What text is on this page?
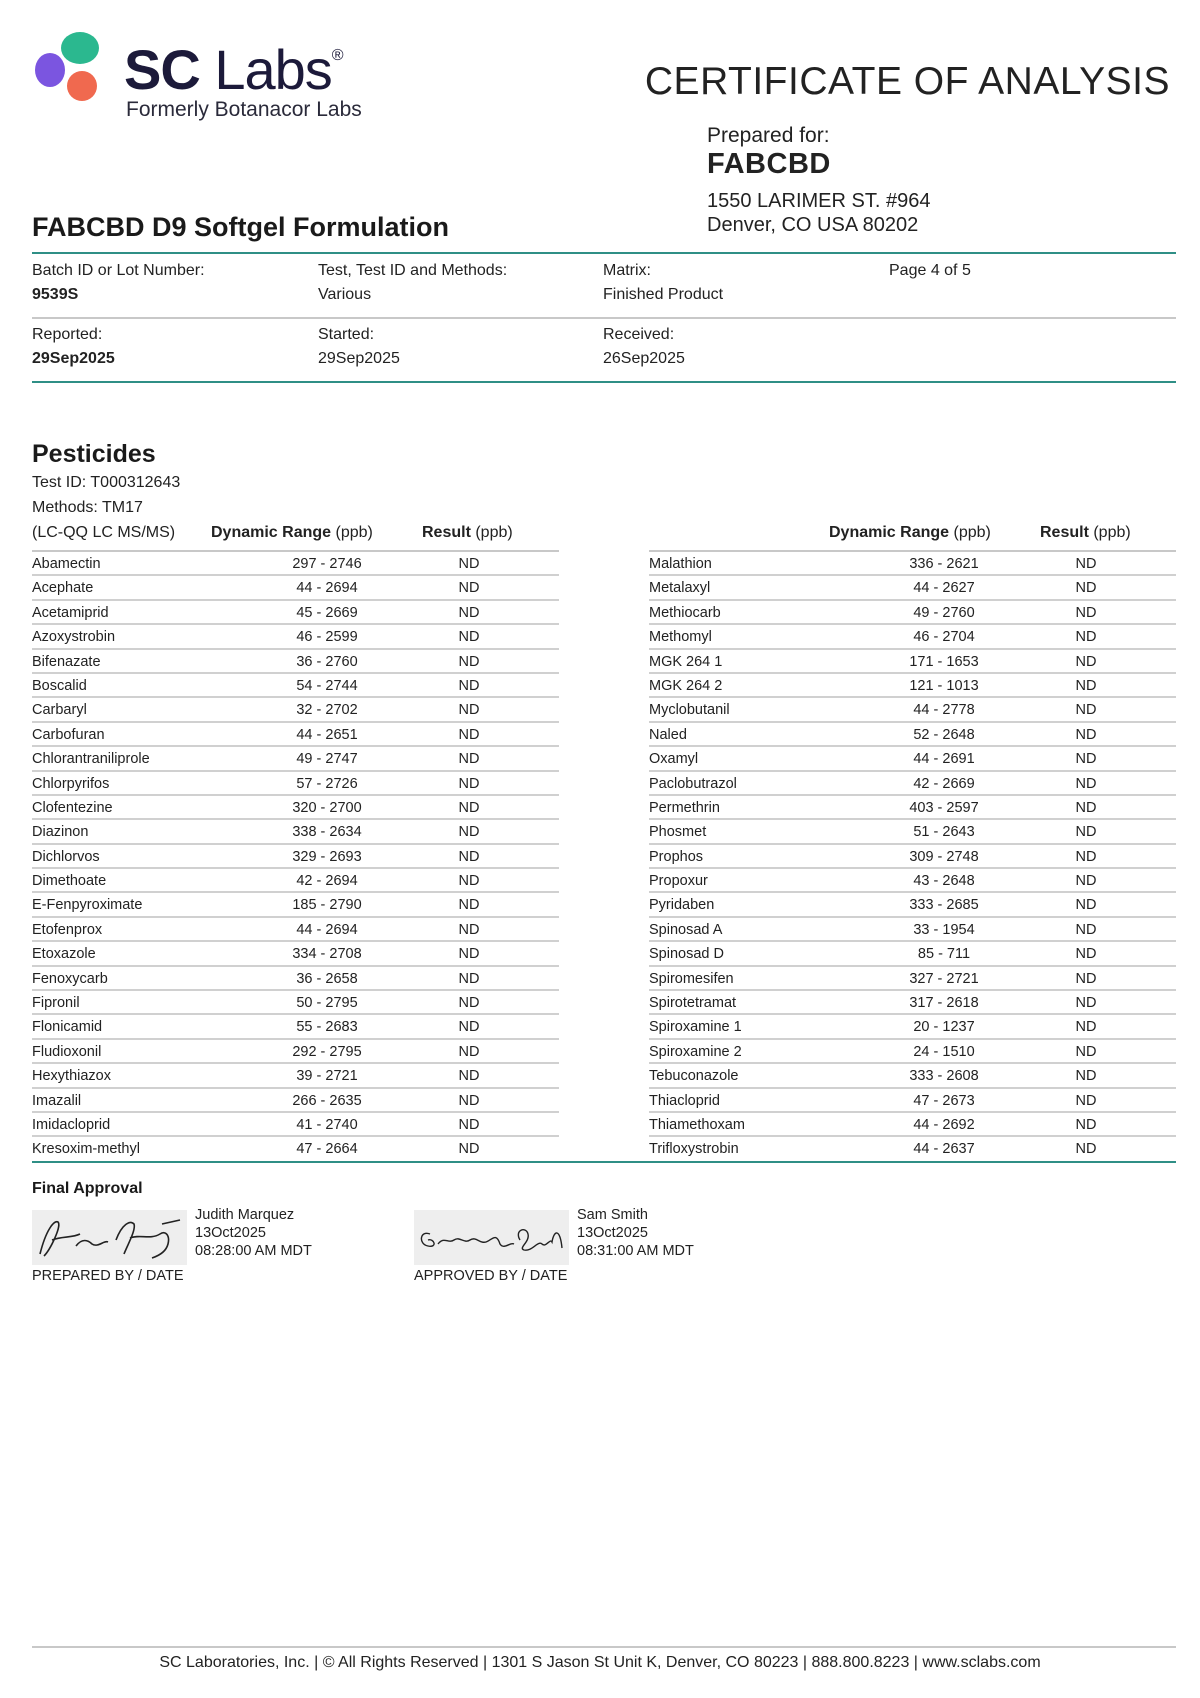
SC Labs®
Formerly Botanacor Labs
CERTIFICATE OF ANALYSIS
Prepared for:
FABCBD
1550 LARIMER ST. #964
Denver, CO USA 80202
FABCBD D9 Softgel Formulation
Batch ID or Lot Number:
9539S
Test, Test ID and Methods:
Various
Matrix:
Finished Product
Page 4 of 5
Reported:
29Sep2025
Started:
29Sep2025
Received:
26Sep2025
Pesticides
Test ID: T000312643
Methods: TM17
(LC-QQ LC MS/MS) Dynamic Range (ppb)	Result (ppb)	Dynamic Range (ppb)	Result (ppb)
Abamectin	297 - 2746	ND
Acephate	44 - 2694	ND
Acetamiprid	45 - 2669	ND
Azoxystrobin	46 - 2599	ND
Bifenazate	36 - 2760	ND
Boscalid	54 - 2744	ND
Carbaryl	32 - 2702	ND
Carbofuran	44 - 2651	ND
Chlorantraniliprole	49 - 2747	ND
Chlorpyrifos	57 - 2726	ND
Clofentezine	320 - 2700	ND
Diazinon	338 - 2634	ND
Dichlorvos	329 - 2693	ND
Dimethoate	42 - 2694	ND
E-Fenpyroximate	185 - 2790	ND
Etofenprox	44 - 2694	ND
Etoxazole	334 - 2708	ND
Fenoxycarb	36 - 2658	ND
Fipronil	50 - 2795	ND
Flonicamid	55 - 2683	ND
Fludioxonil	292 - 2795	ND
Hexythiazox	39 - 2721	ND
Imazalil	266 - 2635	ND
Imidacloprid	41 - 2740	ND
Kresoxim-methyl	47 - 2664	ND
Malathion	336 - 2621	ND
Metalaxyl	44 - 2627	ND
Methiocarb	49 - 2760	ND
Methomyl	46 - 2704	ND
MGK 264 1	171 - 1653	ND
MGK 264 2	121 - 1013	ND
Myclobutanil	44 - 2778	ND
Naled	52 - 2648	ND
Oxamyl	44 - 2691	ND
Paclobutrazol	42 - 2669	ND
Permethrin	403 - 2597	ND
Phosmet	51 - 2643	ND
Prophos	309 - 2748	ND
Propoxur	43 - 2648	ND
Pyridaben	333 - 2685	ND
Spinosad A	33 - 1954	ND
Spinosad D	85 - 711	ND
Spiromesifen	327 - 2721	ND
Spirotetramat	317 - 2618	ND
Spiroxamine 1	20 - 1237	ND
Spiroxamine 2	24 - 1510	ND
Tebuconazole	333 - 2608	ND
Thiacloprid	47 - 2673	ND
Thiamethoxam	44 - 2692	ND
Trifloxystrobin	44 - 2637	ND
Final Approval
Judith Marquez
13Oct2025
08:28:00 AM MDT
PREPARED BY / DATE
Sam Smith
13Oct2025
08:31:00 AM MDT
APPROVED BY / DATE
SC Laboratories, Inc. | © All Rights Reserved | 1301 S Jason St Unit K, Denver, CO 80223 | 888.800.8223 | www.sclabs.com
